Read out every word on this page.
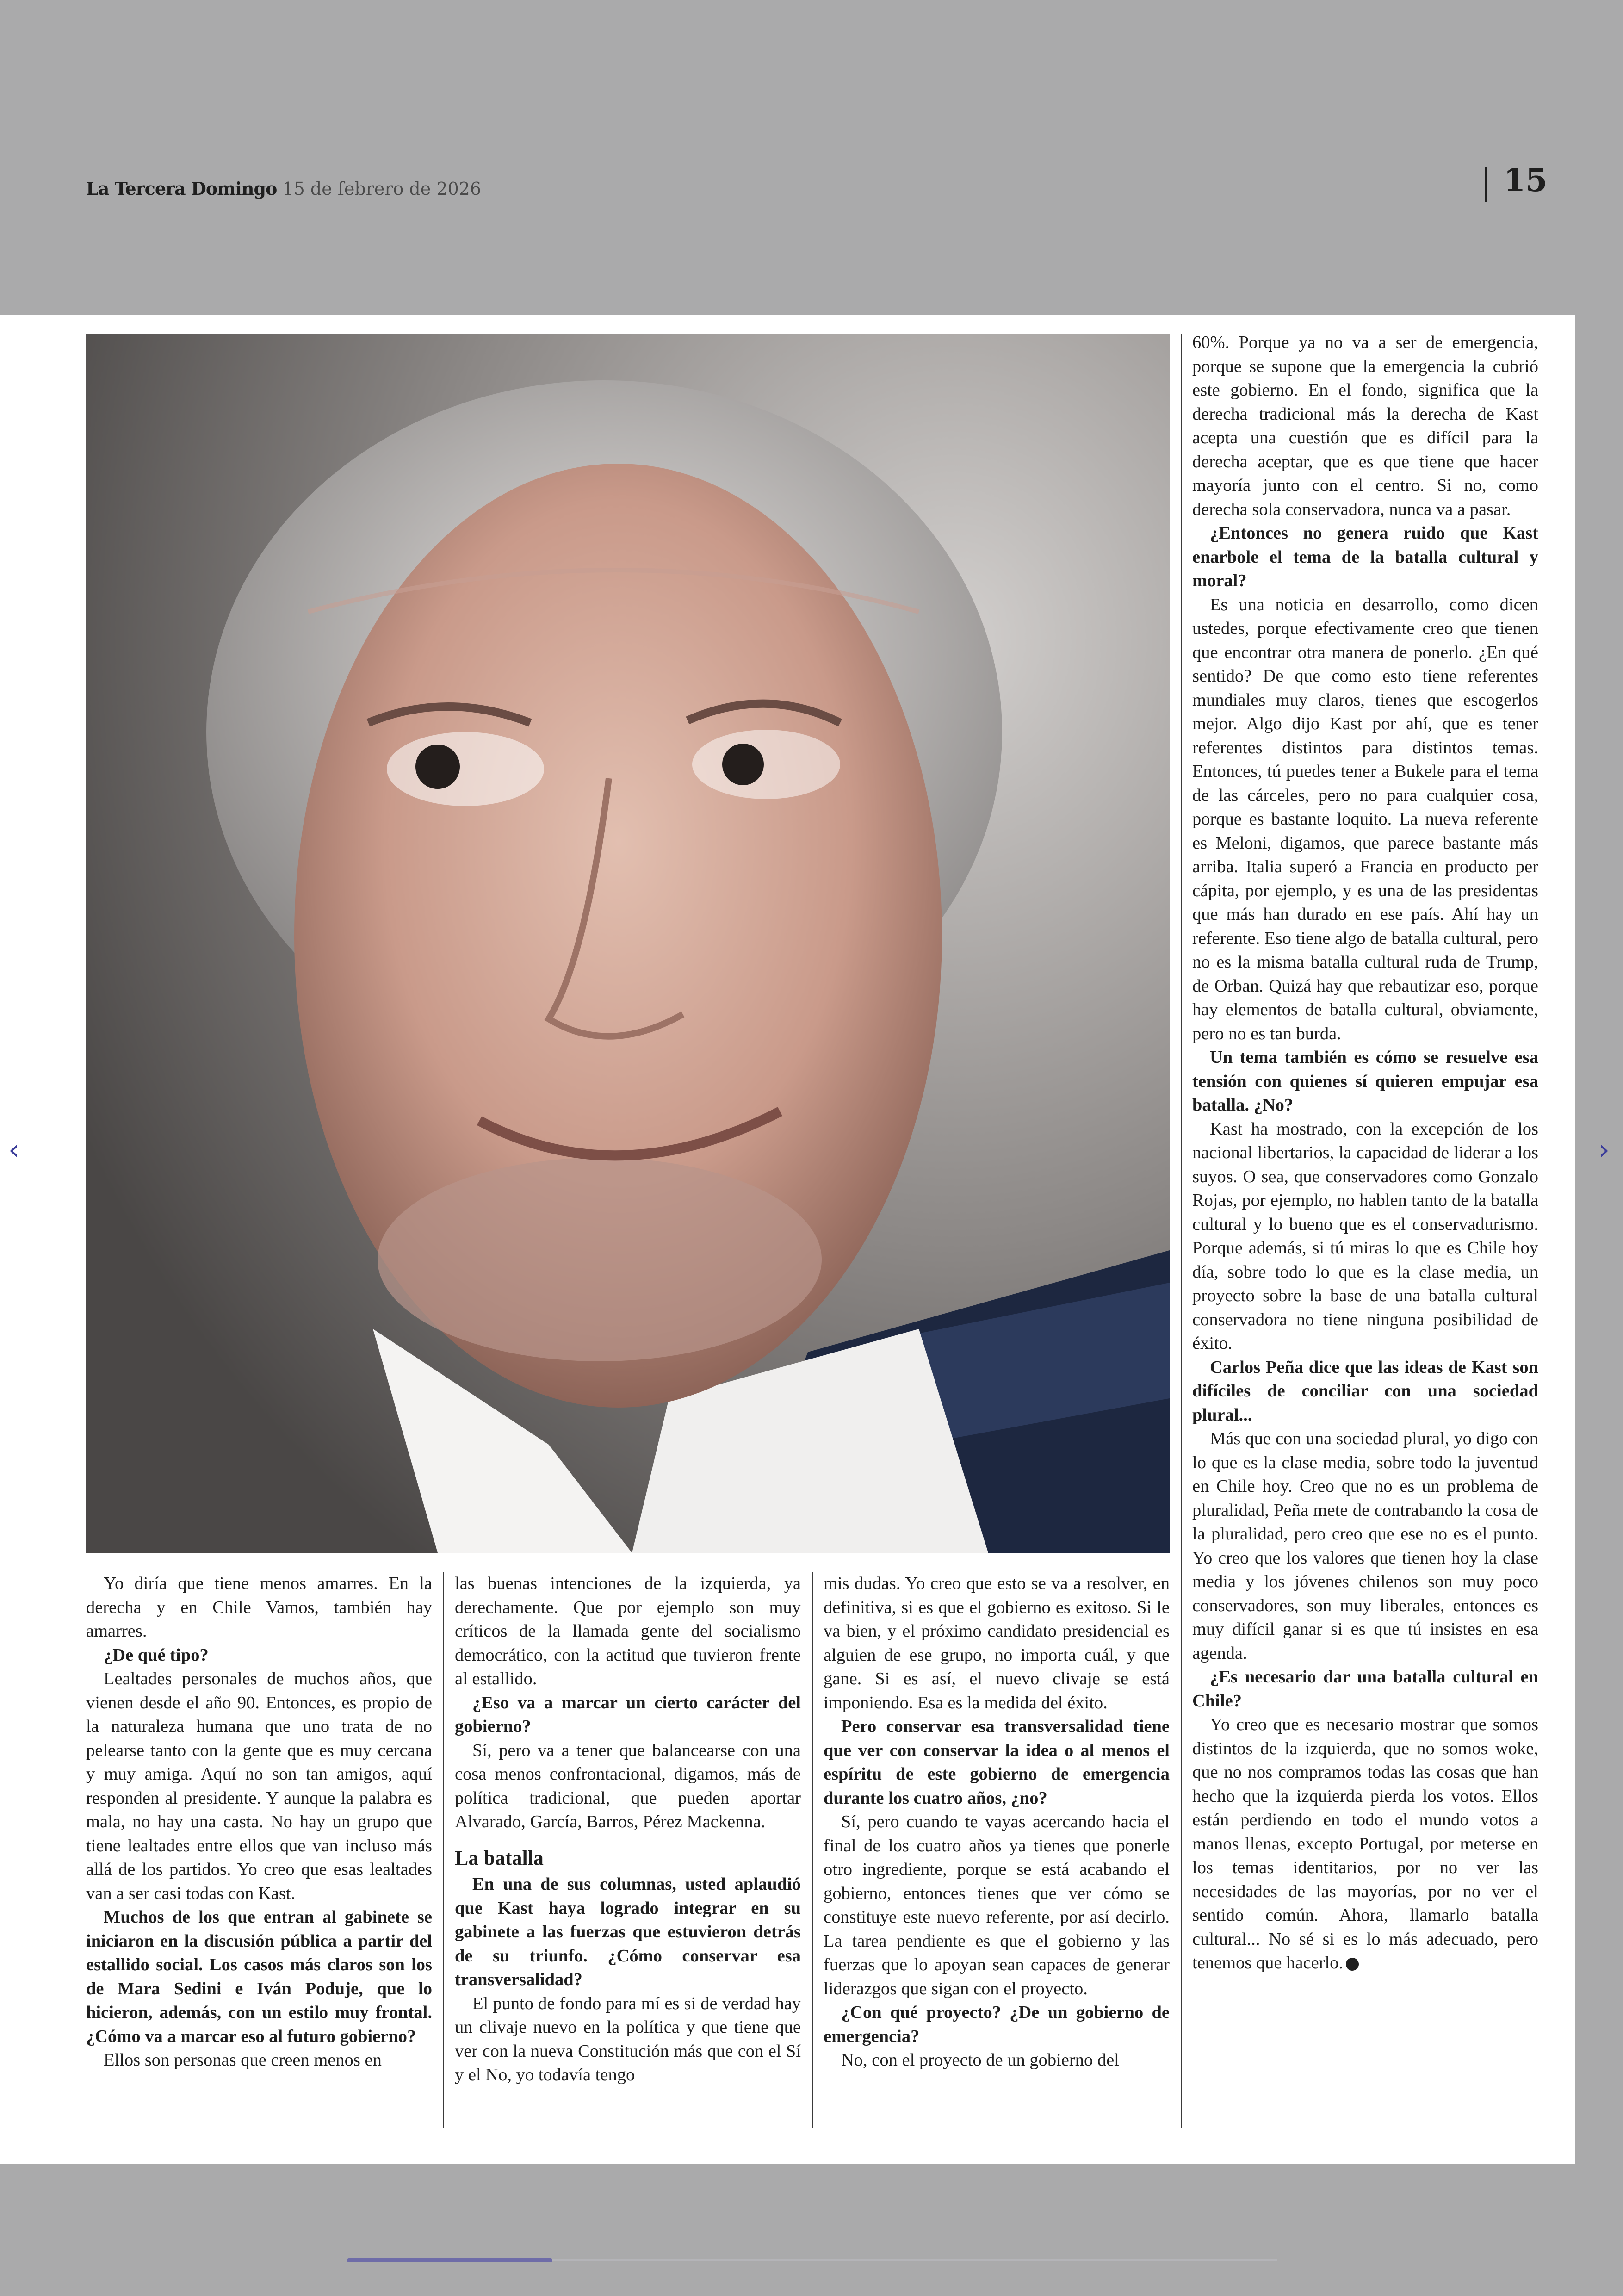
La Tercera Domingo 15 de febrero de 2026	15

Yo diría que tiene menos amarres. En la derecha y en Chile Vamos, también hay amarres.

¿De qué tipo?

Lealtades personales de muchos años, que vienen desde el año 90. Entonces, es propio de la naturaleza humana que uno trata de no pelearse tanto con la gente que es muy cercana y muy amiga. Aquí no son tan amigos, aquí responden al presidente. Y aunque la palabra es mala, no hay una casta. No hay un grupo que tiene lealtades entre ellos que van incluso más allá de los partidos. Yo creo que esas lealtades van a ser casi todas con Kast.

Muchos de los que entran al gabinete se iniciaron en la discusión pública a partir del estallido social. Los casos más claros son los de Mara Sedini e Iván Poduje, que lo hicieron, además, con un estilo muy frontal. ¿Cómo va a marcar eso al futuro gobierno?

Ellos son personas que creen menos en

las buenas intenciones de la izquierda, ya derechamente. Que por ejemplo son muy críticos de la llamada gente del socialismo democrático, con la actitud que tuvieron frente al estallido.

¿Eso va a marcar un cierto carácter del gobierno?

Sí, pero va a tener que balancearse con una cosa menos confrontacional, digamos, más de política tradicional, que pueden aportar Alvarado, García, Barros, Pérez Mackenna.

La batalla

En una de sus columnas, usted aplaudió que Kast haya logrado integrar en su gabinete a las fuerzas que estuvieron detrás de su triunfo. ¿Cómo conservar esa transversalidad?

El punto de fondo para mí es si de verdad hay un clivaje nuevo en la política y que tiene que ver con la nueva Constitución más que con el Sí y el No, yo todavía tengo

mis dudas. Yo creo que esto se va a resolver, en definitiva, si es que el gobierno es exitoso. Si le va bien, y el próximo candidato presidencial es alguien de ese grupo, no importa cuál, y que gane. Si es así, el nuevo clivaje se está imponiendo. Esa es la medida del éxito.

Pero conservar esa transversalidad tiene que ver con conservar la idea o al menos el espíritu de este gobierno de emergencia durante los cuatro años, ¿no?

Sí, pero cuando te vayas acercando hacia el final de los cuatro años ya tienes que ponerle otro ingrediente, porque se está acabando el gobierno, entonces tienes que ver cómo se constituye este nuevo referente, por así decirlo. La tarea pendiente es que el gobierno y las fuerzas que lo apoyan sean capaces de generar liderazgos que sigan con el proyecto.

¿Con qué proyecto? ¿De un gobierno de emergencia?

No, con el proyecto de un gobierno del

60%. Porque ya no va a ser de emergencia, porque se supone que la emergencia la cubrió este gobierno. En el fondo, significa que la derecha tradicional más la derecha de Kast acepta una cuestión que es difícil para la derecha aceptar, que es que tiene que hacer mayoría junto con el centro. Si no, como derecha sola conservadora, nunca va a pasar.

¿Entonces no genera ruido que Kast enarbole el tema de la batalla cultural y moral?

Es una noticia en desarrollo, como dicen ustedes, porque efectivamente creo que tienen que encontrar otra manera de ponerlo. ¿En qué sentido? De que como esto tiene referentes mundiales muy claros, tienes que escogerlos mejor. Algo dijo Kast por ahí, que es tener referentes distintos para distintos temas. Entonces, tú puedes tener a Bukele para el tema de las cárceles, pero no para cualquier cosa, porque es bastante loquito. La nueva referente es Meloni, digamos, que parece bastante más arriba. Italia superó a Francia en producto per cápita, por ejemplo, y es una de las presidentas que más han durado en ese país. Ahí hay un referente. Eso tiene algo de batalla cultural, pero no es la misma batalla cultural ruda de Trump, de Orban. Quizá hay que rebautizar eso, porque hay elementos de batalla cultural, obviamente, pero no es tan burda.

Un tema también es cómo se resuelve esa tensión con quienes sí quieren empujar esa batalla. ¿No?

Kast ha mostrado, con la excepción de los nacional libertarios, la capacidad de liderar a los suyos. O sea, que conservadores como Gonzalo Rojas, por ejemplo, no hablen tanto de la batalla cultural y lo bueno que es el conservadurismo. Porque además, si tú miras lo que es Chile hoy día, sobre todo lo que es la clase media, un proyecto sobre la base de una batalla cultural conservadora no tiene ninguna posibilidad de éxito.

Carlos Peña dice que las ideas de Kast son difíciles de conciliar con una sociedad plural...

Más que con una sociedad plural, yo digo con lo que es la clase media, sobre todo la juventud en Chile hoy. Creo que no es un problema de pluralidad, Peña mete de contrabando la cosa de la pluralidad, pero creo que ese no es el punto. Yo creo que los valores que tienen hoy la clase media y los jóvenes chilenos son muy poco conservadores, son muy liberales, entonces es muy difícil ganar si es que tú insistes en esa agenda.

¿Es necesario dar una batalla cultural en Chile?

Yo creo que es necesario mostrar que somos distintos de la izquierda, que no somos woke, que no nos compramos todas las cosas que han hecho que la izquierda pierda los votos. Ellos están perdiendo en todo el mundo votos a manos llenas, excepto Portugal, por meterse en los temas identitarios, por no ver las necesidades de las mayorías, por no ver el sentido común. Ahora, llamarlo batalla cultural... No sé si es lo más adecuado, pero tenemos que hacerlo.

‹	›
